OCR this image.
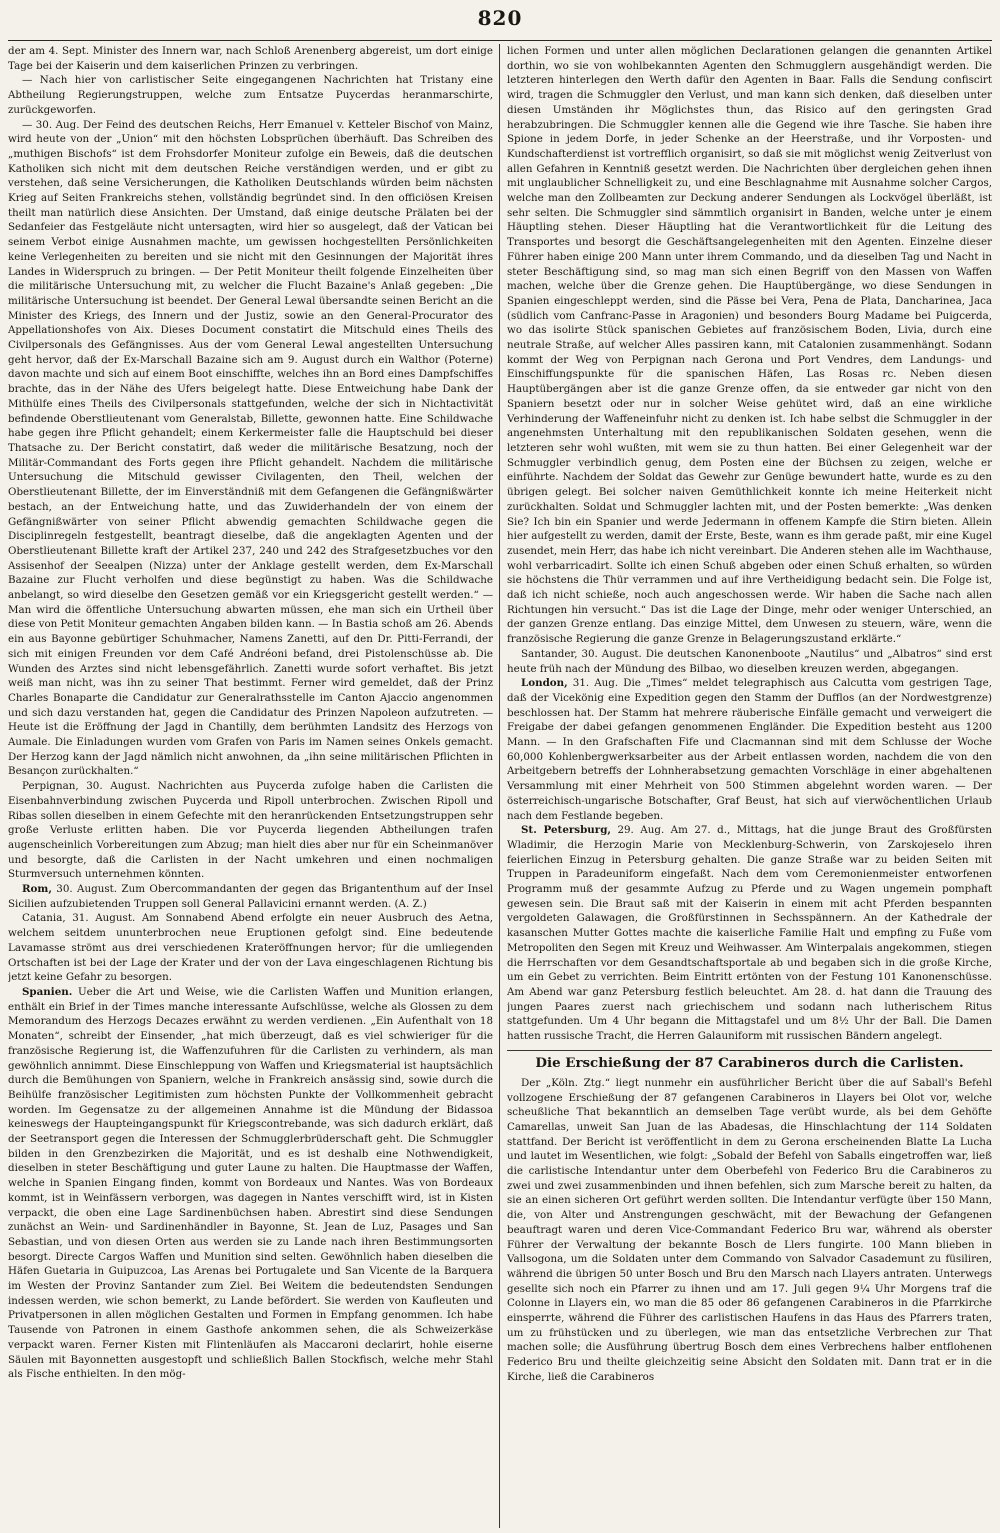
820

der am 4. Sept. Minister des Innern war, nach Schloß Arenenberg abgereist, um dort einige Tage bei der Kaiserin und dem kaiserlichen Prinzen zu verbringen.

— Nach hier von carlistischer Seite eingegangenen Nachrichten hat Tristany eine Abtheilung Regierungstruppen, welche zum Entsatze Puycerdas heranmarschirte, zurückgeworfen.

— 30. Aug. Der Feind des deutschen Reichs, Herr Emanuel v. Ketteler Bischof von Mainz, wird heute von der „Union“ mit den höchsten Lobsprüchen überhäuft. Das Schreiben des „muthigen Bischofs“ ist dem Frohsdorfer Moniteur zufolge ein Beweis, daß die deutschen Katholiken sich nicht mit dem deutschen Reiche verständigen werden, und er gibt zu verstehen, daß seine Versicherungen, die Katholiken Deutschlands würden beim nächsten Krieg auf Seiten Frankreichs stehen, vollständig begründet sind. In den officiösen Kreisen theilt man natürlich diese Ansichten. Der Umstand, daß einige deutsche Prälaten bei der Sedanfeier das Festgeläute nicht untersagten, wird hier so ausgelegt, daß der Vatican bei seinem Verbot einige Ausnahmen machte, um gewissen hochgestellten Persönlichkeiten keine Verlegenheiten zu bereiten und sie nicht mit den Gesinnungen der Majorität ihres Landes in Widerspruch zu bringen. — Der Petit Moniteur theilt folgende Einzelheiten über die militärische Untersuchung mit, zu welcher die Flucht Bazaine's Anlaß gegeben: „Die militärische Untersuchung ist beendet. Der General Lewal übersandte seinen Bericht an die Minister des Kriegs, des Innern und der Justiz, sowie an den General-Procurator des Appellationshofes von Aix. Dieses Document constatirt die Mitschuld eines Theils des Civilpersonals des Gefängnisses. Aus der vom General Lewal angestellten Untersuchung geht hervor, daß der Ex-Marschall Bazaine sich am 9. August durch ein Walthor (Poterne) davon machte und sich auf einem Boot einschiffte, welches ihn an Bord eines Dampfschiffes brachte, das in der Nähe des Ufers beigelegt hatte. Diese Entweichung habe Dank der Mithülfe eines Theils des Civilpersonals stattgefunden, welche der sich in Nichtactivität befindende Oberstlieutenant vom Generalstab, Billette, gewonnen hatte. Eine Schildwache habe gegen ihre Pflicht gehandelt; einem Kerkermeister falle die Hauptschuld bei dieser Thatsache zu. Der Bericht constatirt, daß weder die militärische Besatzung, noch der Militär-Commandant des Forts gegen ihre Pflicht gehandelt. Nachdem die militärische Untersuchung die Mitschuld gewisser Civilagenten, den Theil, welchen der Oberstlieutenant Billette, der im Einverständniß mit dem Gefangenen die Gefängnißwärter bestach, an der Entweichung hatte, und das Zuwiderhandeln der von einem der Gefängnißwärter von seiner Pflicht abwendig gemachten Schildwache gegen die Disciplinregeln festgestellt, beantragt dieselbe, daß die angeklagten Agenten und der Oberstlieutenant Billette kraft der Artikel 237, 240 und 242 des Strafgesetzbuches vor den Assisenhof der Seealpen (Nizza) unter der Anklage gestellt werden, dem Ex-Marschall Bazaine zur Flucht verholfen und diese begünstigt zu haben. Was die Schildwache anbelangt, so wird dieselbe den Gesetzen gemäß vor ein Kriegsgericht gestellt werden.“ — Man wird die öffentliche Untersuchung abwarten müssen, ehe man sich ein Urtheil über diese von Petit Moniteur gemachten Angaben bilden kann. — In Bastia schoß am 26. Abends ein aus Bayonne gebürtiger Schuhmacher, Namens Zanetti, auf den Dr. Pitti-Ferrandi, der sich mit einigen Freunden vor dem Café Andréoni befand, drei Pistolenschüsse ab. Die Wunden des Arztes sind nicht lebensgefährlich. Zanetti wurde sofort verhaftet. Bis jetzt weiß man nicht, was ihn zu seiner That bestimmt. Ferner wird gemeldet, daß der Prinz Charles Bonaparte die Candidatur zur Generalrathsstelle im Canton Ajaccio angenommen und sich dazu verstanden hat, gegen die Candidatur des Prinzen Napoleon aufzutreten. — Heute ist die Eröffnung der Jagd in Chantilly, dem berühmten Landsitz des Herzogs von Aumale. Die Einladungen wurden vom Grafen von Paris im Namen seines Onkels gemacht. Der Herzog kann der Jagd nämlich nicht anwohnen, da „ihn seine militärischen Pflichten in Besançon zurückhalten.“

Perpignan, 30. August. Nachrichten aus Puycerda zufolge haben die Carlisten die Eisenbahnverbindung zwischen Puycerda und Ripoll unterbrochen. Zwischen Ripoll und Ribas sollen dieselben in einem Gefechte mit den heranrückenden Entsetzungstruppen sehr große Verluste erlitten haben. Die vor Puycerda liegenden Abtheilungen trafen augenscheinlich Vorbereitungen zum Abzug; man hielt dies aber nur für ein Scheinmanöver und besorgte, daß die Carlisten in der Nacht umkehren und einen nochmaligen Sturmversuch unternehmen könnten.

Rom, 30. August. Zum Obercommandanten der gegen das Brigantenthum auf der Insel Sicilien aufzubietenden Truppen soll General Pallavicini ernannt werden. (A. Z.)

Catania, 31. August. Am Sonnabend Abend erfolgte ein neuer Ausbruch des Aetna, welchem seitdem ununterbrochen neue Eruptionen gefolgt sind. Eine bedeutende Lavamasse strömt aus drei verschiedenen Krateröffnungen hervor; für die umliegenden Ortschaften ist bei der Lage der Krater und der von der Lava eingeschlagenen Richtung bis jetzt keine Gefahr zu besorgen.

Spanien. Ueber die Art und Weise, wie die Carlisten Waffen und Munition erlangen, enthält ein Brief in der Times manche interessante Aufschlüsse, welche als Glossen zu dem Memorandum des Herzogs Decazes erwähnt zu werden verdienen. „Ein Aufenthalt von 18 Monaten“, schreibt der Einsender, „hat mich überzeugt, daß es viel schwieriger für die französische Regierung ist, die Waffenzufuhren für die Carlisten zu verhindern, als man gewöhnlich annimmt. Diese Einschleppung von Waffen und Kriegsmaterial ist hauptsächlich durch die Bemühungen von Spaniern, welche in Frankreich ansässig sind, sowie durch die Beihülfe französischer Legitimisten zum höchsten Punkte der Vollkommenheit gebracht worden. Im Gegensatze zu der allgemeinen Annahme ist die Mündung der Bidassoa keineswegs der Haupteingangspunkt für Kriegscontrebande, was sich dadurch erklärt, daß der Seetransport gegen die Interessen der Schmugglerbrüderschaft geht. Die Schmuggler bilden in den Grenzbezirken die Majorität, und es ist deshalb eine Nothwendigkeit, dieselben in steter Beschäftigung und guter Laune zu halten. Die Hauptmasse der Waffen, welche in Spanien Eingang finden, kommt von Bordeaux und Nantes. Was von Bordeaux kommt, ist in Weinfässern verborgen, was dagegen in Nantes verschifft wird, ist in Kisten verpackt, die oben eine Lage Sardinenbüchsen haben. Abrestirt sind diese Sendungen zunächst an Wein- und Sardinenhändler in Bayonne, St. Jean de Luz, Pasages und San Sebastian, und von diesen Orten aus werden sie zu Lande nach ihren Bestimmungsorten besorgt. Directe Cargos Waffen und Munition sind selten. Gewöhnlich haben dieselben die Häfen Guetaria in Guipuzcoa, Las Arenas bei Portugalete und San Vicente de la Barquera im Westen der Provinz Santander zum Ziel. Bei Weitem die bedeutendsten Sendungen indessen werden, wie schon bemerkt, zu Lande befördert. Sie werden von Kaufleuten und Privatpersonen in allen möglichen Gestalten und Formen in Empfang genommen. Ich habe Tausende von Patronen in einem Gasthofe ankommen sehen, die als Schweizerkäse verpackt waren. Ferner Kisten mit Flintenläufen als Maccaroni declarirt, hohle eiserne Säulen mit Bayonnetten ausgestopft und schließlich Ballen Stockfisch, welche mehr Stahl als Fische enthielten. In den mög-

lichen Formen und unter allen möglichen Declarationen gelangen die genannten Artikel dorthin, wo sie von wohlbekannten Agenten den Schmugglern ausgehändigt werden. Die letzteren hinterlegen den Werth dafür den Agenten in Baar. Falls die Sendung confiscirt wird, tragen die Schmuggler den Verlust, und man kann sich denken, daß dieselben unter diesen Umständen ihr Möglichstes thun, das Risico auf den geringsten Grad herabzubringen. Die Schmuggler kennen alle die Gegend wie ihre Tasche. Sie haben ihre Spione in jedem Dorfe, in jeder Schenke an der Heerstraße, und ihr Vorposten- und Kundschafterdienst ist vortrefflich organisirt, so daß sie mit möglichst wenig Zeitverlust von allen Gefahren in Kenntniß gesetzt werden. Die Nachrichten über dergleichen gehen ihnen mit unglaublicher Schnelligkeit zu, und eine Beschlagnahme mit Ausnahme solcher Cargos, welche man den Zollbeamten zur Deckung anderer Sendungen als Lockvögel überläßt, ist sehr selten. Die Schmuggler sind sämmtlich organisirt in Banden, welche unter je einem Häuptling stehen. Dieser Häuptling hat die Verantwortlichkeit für die Leitung des Transportes und besorgt die Geschäftsangelegenheiten mit den Agenten. Einzelne dieser Führer haben einige 200 Mann unter ihrem Commando, und da dieselben Tag und Nacht in steter Beschäftigung sind, so mag man sich einen Begriff von den Massen von Waffen machen, welche über die Grenze gehen. Die Hauptübergänge, wo diese Sendungen in Spanien eingeschleppt werden, sind die Pässe bei Vera, Pena de Plata, Dancharinea, Jaca (südlich vom Canfranc-Passe in Aragonien) und besonders Bourg Madame bei Puigcerda, wo das isolirte Stück spanischen Gebietes auf französischem Boden, Livia, durch eine neutrale Straße, auf welcher Alles passiren kann, mit Catalonien zusammenhängt. Sodann kommt der Weg von Perpignan nach Gerona und Port Vendres, dem Landungs- und Einschiffungspunkte für die spanischen Häfen, Las Rosas rc. Neben diesen Hauptübergängen aber ist die ganze Grenze offen, da sie entweder gar nicht von den Spaniern besetzt oder nur in solcher Weise gehütet wird, daß an eine wirkliche Verhinderung der Waffeneinfuhr nicht zu denken ist. Ich habe selbst die Schmuggler in der angenehmsten Unterhaltung mit den republikanischen Soldaten gesehen, wenn die letzteren sehr wohl wußten, mit wem sie zu thun hatten. Bei einer Gelegenheit war der Schmuggler verbindlich genug, dem Posten eine der Büchsen zu zeigen, welche er einführte. Nachdem der Soldat das Gewehr zur Genüge bewundert hatte, wurde es zu den übrigen gelegt. Bei solcher naiven Gemüthlichkeit konnte ich meine Heiterkeit nicht zurückhalten. Soldat und Schmuggler lachten mit, und der Posten bemerkte: „Was denken Sie? Ich bin ein Spanier und werde Jedermann in offenem Kampfe die Stirn bieten. Allein hier aufgestellt zu werden, damit der Erste, Beste, wann es ihm gerade paßt, mir eine Kugel zusendet, mein Herr, das habe ich nicht vereinbart. Die Anderen stehen alle im Wachthause, wohl verbarricadirt. Sollte ich einen Schuß abgeben oder einen Schuß erhalten, so würden sie höchstens die Thür verrammen und auf ihre Vertheidigung bedacht sein. Die Folge ist, daß ich nicht schieße, noch auch angeschossen werde. Wir haben die Sache nach allen Richtungen hin versucht.“ Das ist die Lage der Dinge, mehr oder weniger Unterschied, an der ganzen Grenze entlang. Das einzige Mittel, dem Unwesen zu steuern, wäre, wenn die französische Regierung die ganze Grenze in Belagerungszustand erklärte.“

Santander, 30. August. Die deutschen Kanonenboote „Nautilus“ und „Albatros“ sind erst heute früh nach der Mündung des Bilbao, wo dieselben kreuzen werden, abgegangen.

London, 31. Aug. Die „Times“ meldet telegraphisch aus Calcutta vom gestrigen Tage, daß der Vicekönig eine Expedition gegen den Stamm der Dufflos (an der Nordwestgrenze) beschlossen hat. Der Stamm hat mehrere räuberische Einfälle gemacht und verweigert die Freigabe der dabei gefangen genommenen Engländer. Die Expedition besteht aus 1200 Mann. — In den Grafschaften Fife und Clacmannan sind mit dem Schlusse der Woche 60,000 Kohlenbergwerksarbeiter aus der Arbeit entlassen worden, nachdem die von den Arbeitgebern betreffs der Lohnherabsetzung gemachten Vorschläge in einer abgehaltenen Versammlung mit einer Mehrheit von 500 Stimmen abgelehnt worden waren. — Der österreichisch-ungarische Botschafter, Graf Beust, hat sich auf vierwöchentlichen Urlaub nach dem Festlande begeben.

St. Petersburg, 29. Aug. Am 27. d., Mittags, hat die junge Braut des Großfürsten Wladimir, die Herzogin Marie von Mecklenburg-Schwerin, von Zarskojeselo ihren feierlichen Einzug in Petersburg gehalten. Die ganze Straße war zu beiden Seiten mit Truppen in Paradeuniform eingefaßt. Nach dem vom Ceremonienmeister entworfenen Programm muß der gesammte Aufzug zu Pferde und zu Wagen ungemein pomphaft gewesen sein. Die Braut saß mit der Kaiserin in einem mit acht Pferden bespannten vergoldeten Galawagen, die Großfürstinnen in Sechsspännern. An der Kathedrale der kasanschen Mutter Gottes machte die kaiserliche Familie Halt und empfing zu Fuße vom Metropoliten den Segen mit Kreuz und Weihwasser. Am Winterpalais angekommen, stiegen die Herrschaften vor dem Gesandtschaftsportale ab und begaben sich in die große Kirche, um ein Gebet zu verrichten. Beim Eintritt ertönten von der Festung 101 Kanonenschüsse. Am Abend war ganz Petersburg festlich beleuchtet. Am 28. d. hat dann die Trauung des jungen Paares zuerst nach griechischem und sodann nach lutherischem Ritus stattgefunden. Um 4 Uhr begann die Mittagstafel und um 8½ Uhr der Ball. Die Damen hatten russische Tracht, die Herren Galauniform mit russischen Bändern angelegt.

Die Erschießung der 87 Carabineros durch die Carlisten.

Der „Köln. Ztg.“ liegt nunmehr ein ausführlicher Bericht über die auf Saball's Befehl vollzogene Erschießung der 87 gefangenen Carabineros in Llayers bei Olot vor, welche scheußliche That bekanntlich an demselben Tage verübt wurde, als bei dem Gehöfte Camarellas, unweit San Juan de las Abadesas, die Hinschlachtung der 114 Soldaten stattfand. Der Bericht ist veröffentlicht in dem zu Gerona erscheinenden Blatte La Lucha und lautet im Wesentlichen, wie folgt: „Sobald der Befehl von Saballs eingetroffen war, ließ die carlistische Intendantur unter dem Oberbefehl von Federico Bru die Carabineros zu zwei und zwei zusammenbinden und ihnen befehlen, sich zum Marsche bereit zu halten, da sie an einen sicheren Ort geführt werden sollten. Die Intendantur verfügte über 150 Mann, die, von Alter und Anstrengungen geschwächt, mit der Bewachung der Gefangenen beauftragt waren und deren Vice-Commandant Federico Bru war, während als oberster Führer der Verwaltung der bekannte Bosch de Llers fungirte. 100 Mann blieben in Vallsogona, um die Soldaten unter dem Commando von Salvador Casademunt zu füsiliren, während die übrigen 50 unter Bosch und Bru den Marsch nach Llayers antraten. Unterwegs gesellte sich noch ein Pfarrer zu ihnen und am 17. Juli gegen 9¼ Uhr Morgens traf die Colonne in Llayers ein, wo man die 85 oder 86 gefangenen Carabineros in die Pfarrkirche einsperrte, während die Führer des carlistischen Haufens in das Haus des Pfarrers traten, um zu frühstücken und zu überlegen, wie man das entsetzliche Verbrechen zur That machen solle; die Ausführung übertrug Bosch dem eines Verbrechens halber entflohenen Federico Bru und theilte gleichzeitig seine Absicht den Soldaten mit. Dann trat er in die Kirche, ließ die Carabineros
